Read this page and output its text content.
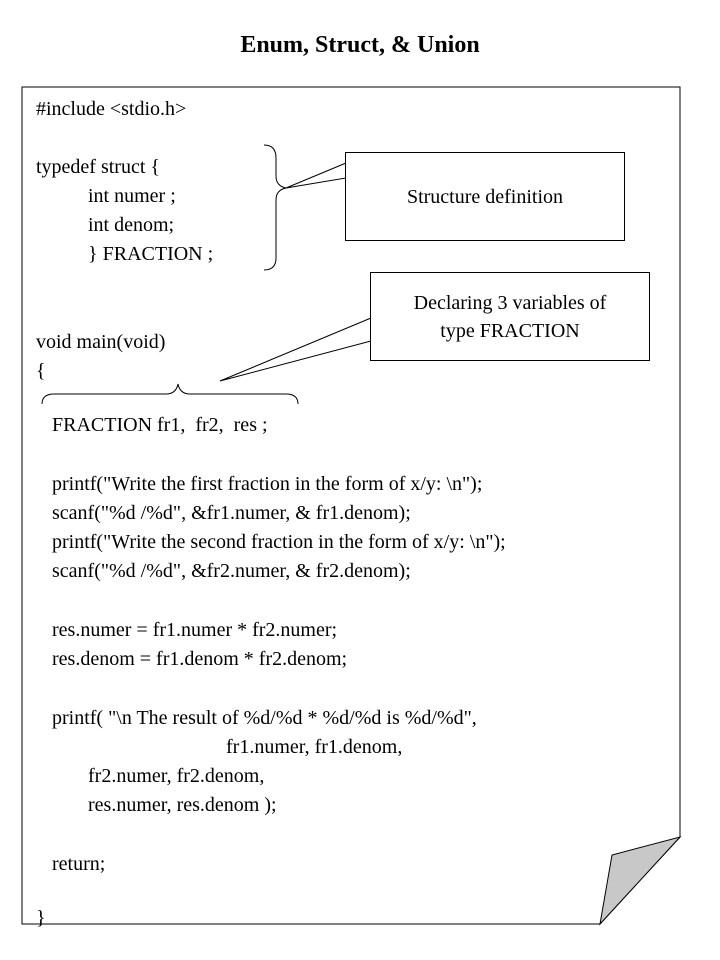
Enum, Struct, & Union
Structure definition
Declaring 3 variables of
type FRACTION
#include <stdio.h>
typedef struct {
int numer ;
int denom;
} FRACTION ;
void main(void)
{
FRACTION fr1,  fr2,  res ;
printf("Write the first fraction in the form of x/y: \n");
scanf("%d /%d", &fr1.numer, & fr1.denom);
printf("Write the second fraction in the form of x/y: \n");
scanf("%d /%d", &fr2.numer, & fr2.denom);
res.numer = fr1.numer * fr2.numer;
res.denom = fr1.denom * fr2.denom;
printf( "\n The result of %d/%d * %d/%d is %d/%d",
fr1.numer, fr1.denom,
fr2.numer, fr2.denom,
res.numer, res.denom );
return;
}
